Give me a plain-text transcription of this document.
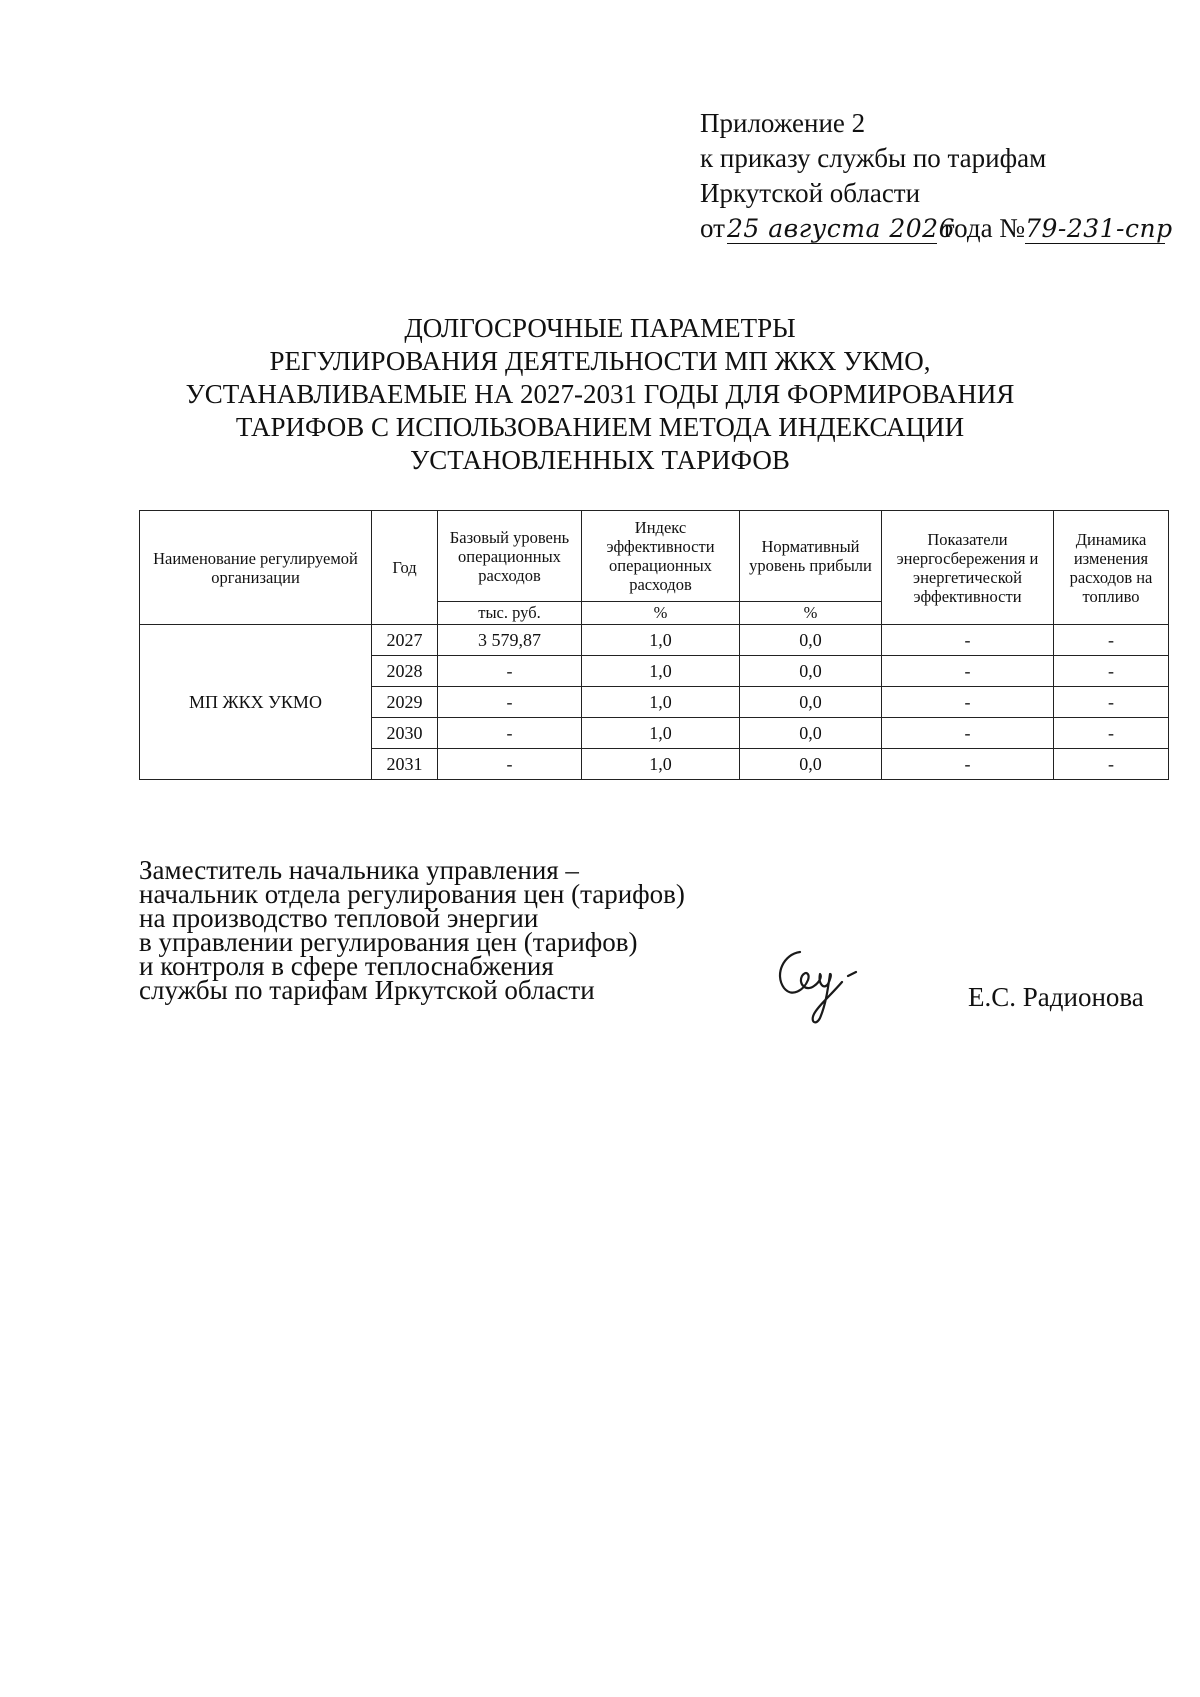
Приложение 2
к приказу службы по тарифам
Иркутской области
от25 августа 2026 года №79-231-спр
ДОЛГОСРОЧНЫЕ ПАРАМЕТРЫ
РЕГУЛИРОВАНИЯ ДЕЯТЕЛЬНОСТИ МП ЖКХ УКМО,
УСТАНАВЛИВАЕМЫЕ НА 2027-2031 ГОДЫ ДЛЯ ФОРМИРОВАНИЯ
ТАРИФОВ С ИСПОЛЬЗОВАНИЕМ МЕТОДА ИНДЕКСАЦИИ
УСТАНОВЛЕННЫХ ТАРИФОВ
Наименование регулируемой организации	Год	Базовый уровень операционных расходов	Индекс эффективности операционных расходов	Нормативный уровень прибыли	Показатели энергосбережения и энергетической эффективности	Динамика изменения расходов на топливо
		тыс. руб.	%	%		
МП ЖКХ УКМО	2027	3 579,87	1,0	0,0	-	-
	2028	-	1,0	0,0	-	-
	2029	-	1,0	0,0	-	-
	2030	-	1,0	0,0	-	-
	2031	-	1,0	0,0	-	-
Заместитель начальника управления –
начальник отдела регулирования цен (тарифов)
на производство тепловой энергии
в управлении регулирования цен (тарифов)
и контроля в сфере теплоснабжения
службы по тарифам Иркутской области	Е.С. Радионова
